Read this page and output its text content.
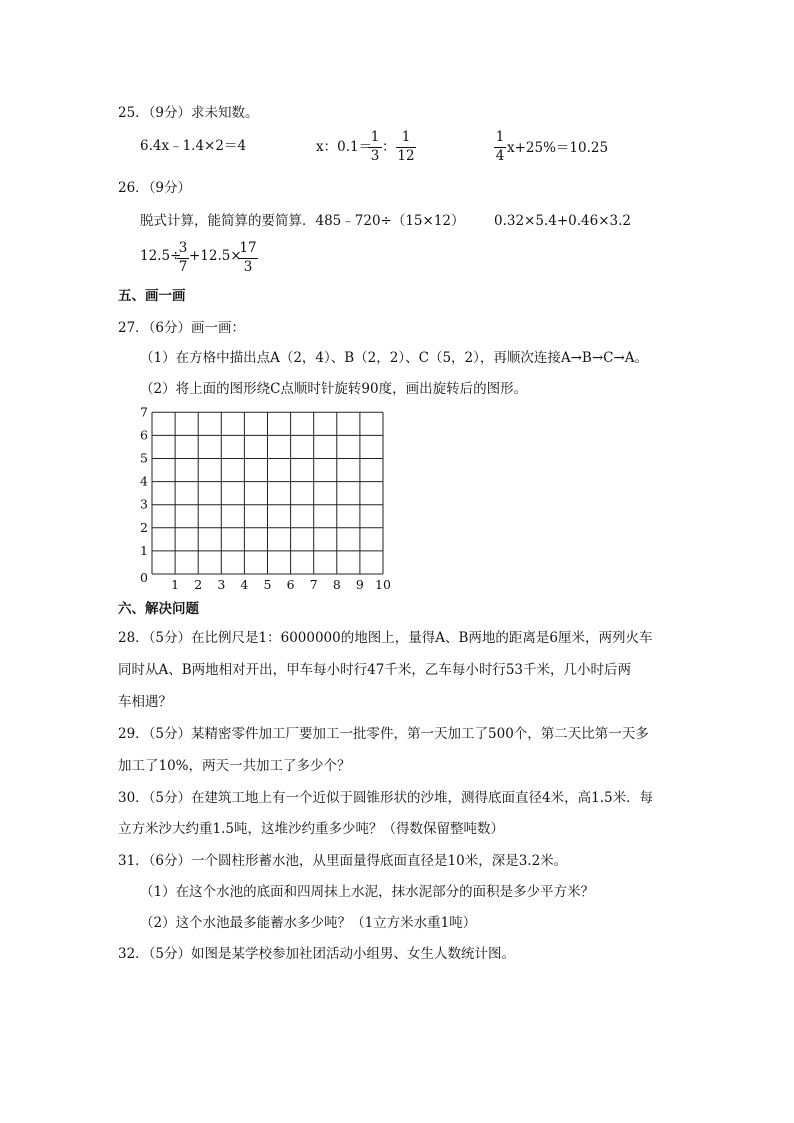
25．（9分）求未知数。
6.4x﹣1.4×2＝4	x：0.1＝
1
3
：
1
12
1
4 x+25%＝10.25
26．（9分）
脱式计算，能简算的要简算．485﹣720÷（15×12） 0.32×5.4+0.46×3.2
12.5÷
3
7
+12.5×
17
3
五、画一画
27．（6分）画一画：
（1）在方格中描出点A（2，4）、B（2，2）、C（5，2），再顺次连接A→B→C→A。
（2）将上面的图形绕C点顺时针旋转90度，画出旋转后的图形。
1 2 3 4 5 6 7 8 9 10
0
1
2
3
4
5
6
7
六、解决问题
28．（5分）在比例尺是1：6000000的地图上，量得A、B两地的距离是6厘米，两列火车
同时从A、B两地相对开出，甲车每小时行47千米，乙车每小时行53千米，几小时后两
车相遇？
29．（5分）某精密零件加工厂要加工一批零件，第一天加工了500个，第二天比第一天多
加工了10%，两天一共加工了多少个？
30．（5分）在建筑工地上有一个近似于圆锥形状的沙堆，测得底面直径4米，高1.5米．每
立方米沙大约重1.5吨，这堆沙约重多少吨？（得数保留整吨数）
31．（6分）一个圆柱形蓄水池，从里面量得底面直径是10米，深是3.2米。
（1）在这个水池的底面和四周抹上水泥，抹水泥部分的面积是多少平方米？
（2）这个水池最多能蓄水多少吨？（1立方米水重1吨）
32．（5分）如图是某学校参加社团活动小组男、女生人数统计图。
